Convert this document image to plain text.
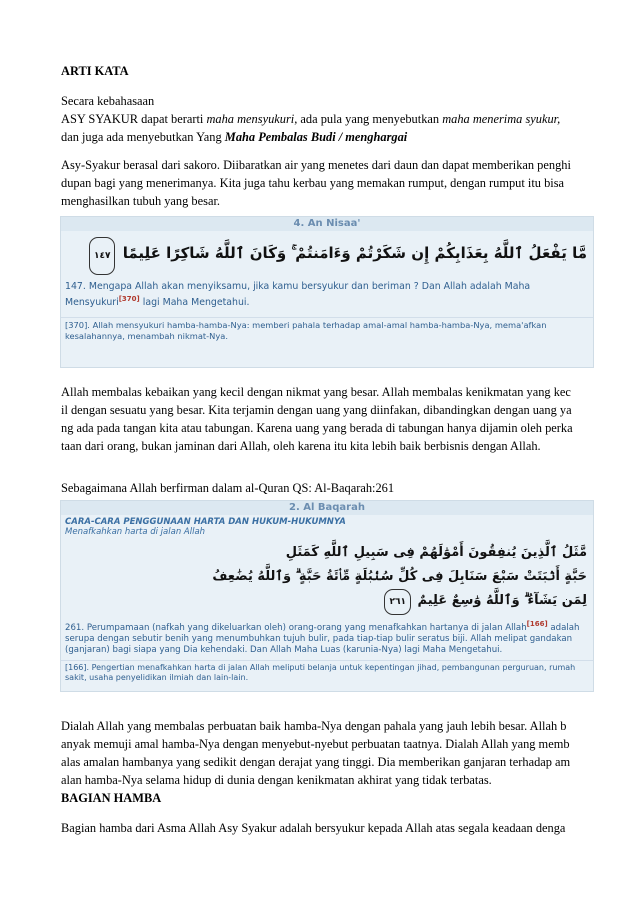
ARTI KATA

Secara kebahasaan
ASY SYAKUR dapat berarti maha mensyukuri, ada pula yang menyebutkan maha menerima syukur,
dan juga ada menyebutkan Yang Maha Pembalas Budi / menghargai
Asy-Syakur berasal dari sakoro. Diibaratkan air yang menetes dari daun dan dapat memberikan penghi
dupan bagi yang menerimanya. Kita juga tahu kerbau yang memakan rumput, dengan rumput itu bisa
menghasilkan tubuh yang besar.
4. An Nisaa'
مَّا يَفْعَلُ ٱللَّهُ بِعَذَابِكُمْ إِن شَكَرْتُمْ وَءَامَنتُمْ ۚ وَكَانَ ٱللَّهُ شَاكِرًا عَلِيمًا ١٤٧
147. Mengapa Allah akan menyiksamu, jika kamu bersyukur dan beriman ? Dan Allah adalah Maha Mensyukuri[370] lagi Maha Mengetahui.
[370]. Allah mensyukuri hamba-hamba-Nya: memberi pahala terhadap amal-amal hamba-hamba-Nya, mema'afkan kesalahannya, menambah nikmat-Nya.
Allah membalas kebaikan yang kecil dengan nikmat yang besar. Allah membalas kenikmatan yang kec
il dengan sesuatu yang besar. Kita terjamin dengan uang yang diinfakan, dibandingkan dengan uang ya
ng ada pada tangan kita atau tabungan. Karena uang yang berada di tabungan hanya dijamin oleh perka
taan dari orang, bukan jaminan dari Allah, oleh karena itu kita lebih baik berbisnis dengan Allah.

Sebagaimana Allah berfirman dalam al-Quran QS: Al-Baqarah:261

2. Al Baqarah
CARA-CARA PENGGUNAAN HARTA DAN HUKUM-HUKUMNYA
Menafkahkan harta di jalan Allah
مَّثَلُ ٱلَّذِينَ يُنفِقُونَ أَمْوَٰلَهُمْ فِى سَبِيلِ ٱللَّهِ كَمَثَلِ
حَبَّةٍ أَنۢبَتَتْ سَبْعَ سَنَابِلَ فِى كُلِّ سُنۢبُلَةٍ مِّا۟ئَةُ حَبَّةٍ ۗ وَٱللَّهُ يُضَٰعِفُ
لِمَن يَشَآءُ ۗ وَٱللَّهُ وَٰسِعٌ عَلِيمٌ ٢٦١
261. Perumpamaan (nafkah yang dikeluarkan oleh) orang-orang yang menafkahkan hartanya di jalan Allah[166] adalah serupa dengan sebutir benih yang menumbuhkan tujuh bulir, pada tiap-tiap bulir seratus biji. Allah melipat gandakan (ganjaran) bagi siapa yang Dia kehendaki. Dan Allah Maha Luas (karunia-Nya) lagi Maha Mengetahui.
[166]. Pengertian menafkahkan harta di jalan Allah meliputi belanja untuk kepentingan jihad, pembangunan perguruan, rumah sakit, usaha penyelidikan ilmiah dan lain-lain.
Dialah Allah yang membalas perbuatan baik hamba-Nya dengan pahala yang jauh lebih besar. Allah b
anyak memuji amal hamba-Nya dengan menyebut-nyebut perbuatan taatnya. Dialah Allah yang memb
alas amalan hambanya yang sedikit dengan derajat yang tinggi. Dia memberikan ganjaran terhadap am
alan hamba-Nya selama hidup di dunia dengan kenikmatan akhirat yang tidak terbatas.

BAGIAN HAMBA

Bagian hamba dari Asma Allah Asy Syakur adalah bersyukur kepada Allah atas segala keadaan denga
